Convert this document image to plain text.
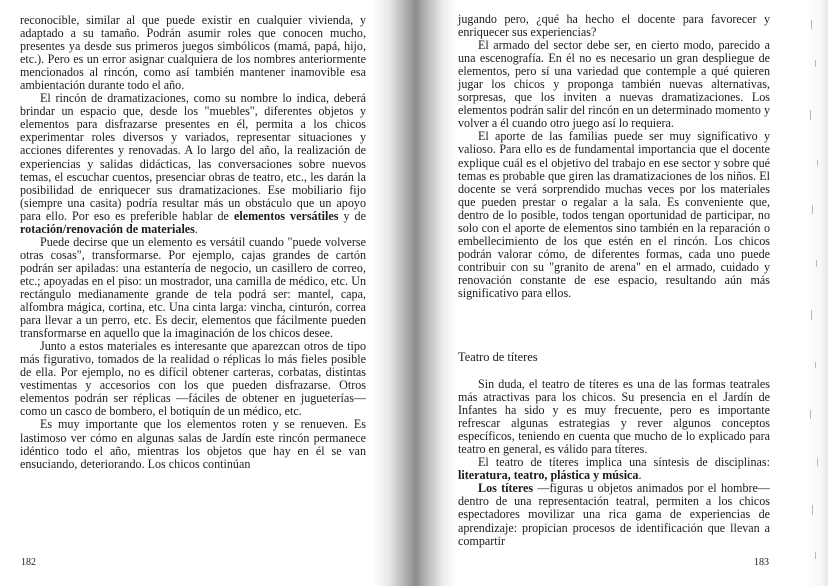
reconocible, similar al que puede existir en cualquier vivienda, y adaptado a su tamaño. Podrán asumir roles que conocen mucho, presentes ya desde sus primeros juegos simbólicos (mamá, papá, hijo, etc.). Pero es un error asignar cualquiera de los nombres anteriormente mencionados al rincón, como así también mantener inamovible esa ambientación durante todo el año.

El rincón de dramatizaciones, como su nombre lo indica, deberá brindar un espacio que, desde los "muebles", diferentes objetos y elementos para disfrazarse presentes en él, permita a los chicos experimentar roles diversos y variados, representar situaciones y acciones diferentes y renovadas. A lo largo del año, la realización de experiencias y salidas didácticas, las conversaciones sobre nuevos temas, el escuchar cuentos, presenciar obras de teatro, etc., les darán la posibilidad de enriquecer sus dramatizaciones. Ese mobiliario fijo (siempre una casita) podría resultar más un obstáculo que un apoyo para ello. Por eso es preferible hablar de elementos versátiles y de rotación/renovación de materiales.

Puede decirse que un elemento es versátil cuando "puede volverse otras cosas", transformarse. Por ejemplo, cajas grandes de cartón podrán ser apiladas: una estantería de negocio, un casillero de correo, etc.; apoyadas en el piso: un mostrador, una camilla de médico, etc. Un rectángulo medianamente grande de tela podrá ser: mantel, capa, alfombra mágica, cortina, etc. Una cinta larga: vincha, cinturón, correa para llevar a un perro, etc. Es decir, elementos que fácilmente pueden transformarse en aquello que la imaginación de los chicos desee.

Junto a estos materiales es interesante que aparezcan otros de tipo más figurativo, tomados de la realidad o réplicas lo más fieles posible de ella. Por ejemplo, no es difícil obtener carteras, corbatas, distintas vestimentas y accesorios con los que pueden disfrazarse. Otros elementos podrán ser réplicas —fáciles de obtener en jugueterías— como un casco de bombero, el botiquín de un médico, etc.

Es muy importante que los elementos roten y se renueven. Es lastimoso ver cómo en algunas salas de Jardín este rincón permanece idéntico todo el año, mientras los objetos que hay en él se van ensuciando, deteriorando. Los chicos continúan

182

jugando pero, ¿qué ha hecho el docente para favorecer y enriquecer sus experiencias?

El armado del sector debe ser, en cierto modo, parecido a una escenografía. En él no es necesario un gran despliegue de elementos, pero sí una variedad que contemple a qué quieren jugar los chicos y proponga también nuevas alternativas, sorpresas, que los inviten a nuevas dramatizaciones. Los elementos podrán salir del rincón en un determinado momento y volver a él cuando otro juego así lo requiera.

El aporte de las familias puede ser muy significativo y valioso. Para ello es de fundamental importancia que el docente explique cuál es el objetivo del trabajo en ese sector y sobre qué temas es probable que giren las dramatizaciones de los niños. El docente se verá sorprendido muchas veces por los materiales que pueden prestar o regalar a la sala. Es conveniente que, dentro de lo posible, todos tengan oportunidad de participar, no solo con el aporte de elementos sino también en la reparación o embellecimiento de los que estén en el rincón. Los chicos podrán valorar cómo, de diferentes formas, cada uno puede contribuir con su "granito de arena" en el armado, cuidado y renovación constante de ese espacio, resultando aún más significativo para ellos.

Teatro de títeres

Sin duda, el teatro de títeres es una de las formas teatrales más atractivas para los chicos. Su presencia en el Jardín de Infantes ha sido y es muy frecuente, pero es importante refrescar algunas estrategias y rever algunos conceptos específicos, teniendo en cuenta que mucho de lo explicado para teatro en general, es válido para títeres.

El teatro de títeres implica una síntesis de disciplinas: literatura, teatro, plástica y música.

Los títeres —figuras u objetos animados por el hombre— dentro de una representación teatral, permiten a los chicos espectadores movilizar una rica gama de experiencias de aprendizaje: propician procesos de identificación que llevan a compartir

183
